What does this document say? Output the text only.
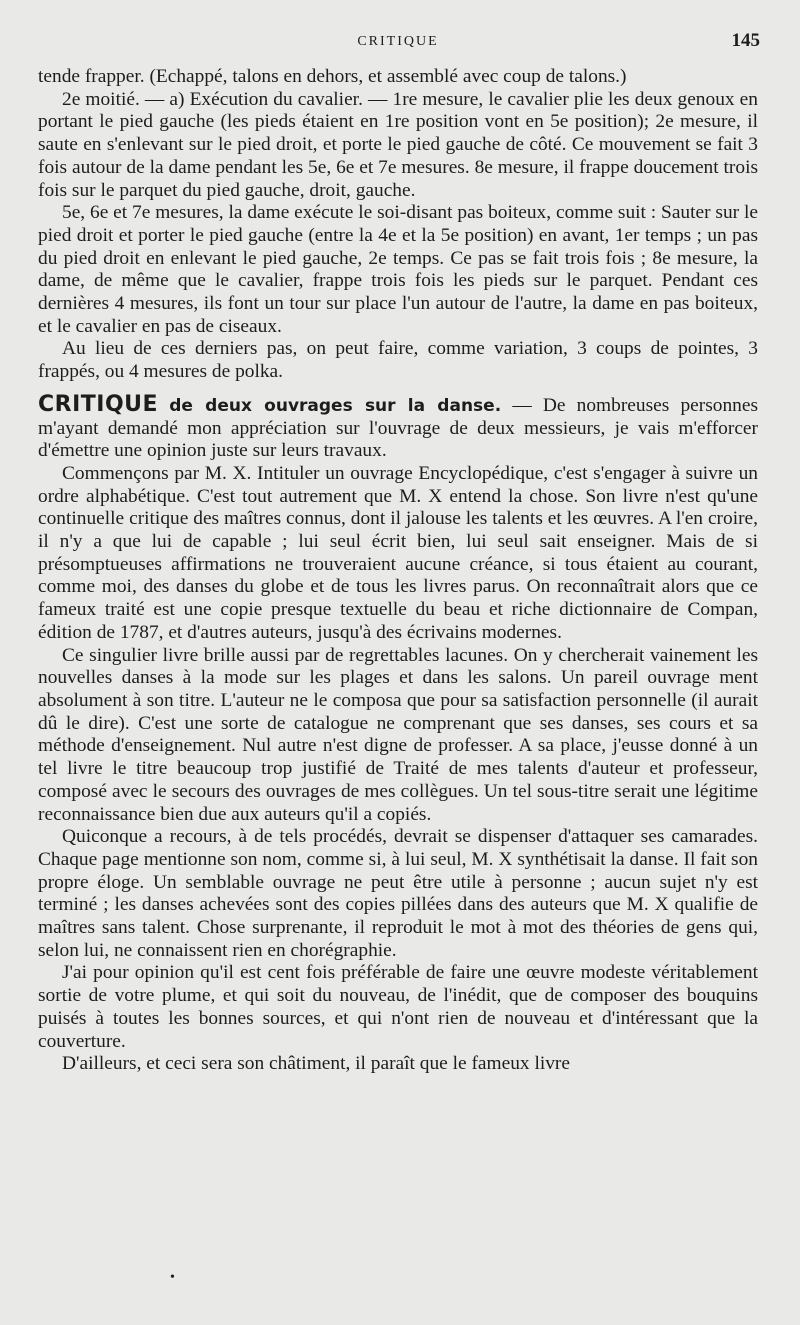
CRITIQUE	145

tende frapper. (Echappé, talons en dehors, et assemblé avec coup de talons.)

2e moitié. — a) Exécution du cavalier. — 1re mesure, le cavalier plie les deux genoux en portant le pied gauche (les pieds étaient en 1re position vont en 5e position); 2e mesure, il saute en s'enlevant sur le pied droit, et porte le pied gauche de côté. Ce mouvement se fait 3 fois autour de la dame pendant les 5e, 6e et 7e mesures. 8e mesure, il frappe doucement trois fois sur le parquet du pied gauche, droit, gauche.

5e, 6e et 7e mesures, la dame exécute le soi-disant pas boiteux, comme suit : Sauter sur le pied droit et porter le pied gauche (entre la 4e et la 5e position) en avant, 1er temps ; un pas du pied droit en enlevant le pied gauche, 2e temps. Ce pas se fait trois fois ; 8e mesure, la dame, de même que le cavalier, frappe trois fois les pieds sur le parquet. Pendant ces dernières 4 mesures, ils font un tour sur place l'un autour de l'autre, la dame en pas boiteux, et le cavalier en pas de ciseaux.

Au lieu de ces derniers pas, on peut faire, comme variation, 3 coups de pointes, 3 frappés, ou 4 mesures de polka.

CRITIQUE de deux ouvrages sur la danse. — De nombreuses personnes m'ayant demandé mon appréciation sur l'ouvrage de deux messieurs, je vais m'efforcer d'émettre une opinion juste sur leurs travaux.

Commençons par M. X. Intituler un ouvrage Encyclopédique, c'est s'engager à suivre un ordre alphabétique. C'est tout autrement que M. X entend la chose. Son livre n'est qu'une continuelle critique des maîtres connus, dont il jalouse les talents et les œuvres. A l'en croire, il n'y a que lui de capable ; lui seul écrit bien, lui seul sait enseigner. Mais de si présomptueuses affirmations ne trouveraient aucune créance, si tous étaient au courant, comme moi, des danses du globe et de tous les livres parus. On reconnaîtrait alors que ce fameux traité est une copie presque textuelle du beau et riche dictionnaire de Compan, édition de 1787, et d'autres auteurs, jusqu'à des écrivains modernes.

Ce singulier livre brille aussi par de regrettables lacunes. On y chercherait vainement les nouvelles danses à la mode sur les plages et dans les salons. Un pareil ouvrage ment absolument à son titre. L'auteur ne le composa que pour sa satisfaction personnelle (il aurait dû le dire). C'est une sorte de catalogue ne comprenant que ses danses, ses cours et sa méthode d'enseignement. Nul autre n'est digne de professer. A sa place, j'eusse donné à un tel livre le titre beaucoup trop justifié de Traité de mes talents d'auteur et professeur, composé avec le secours des ouvrages de mes collègues. Un tel sous-titre serait une légitime reconnaissance bien due aux auteurs qu'il a copiés.

Quiconque a recours, à de tels procédés, devrait se dispenser d'attaquer ses camarades. Chaque page mentionne son nom, comme si, à lui seul, M. X synthétisait la danse. Il fait son propre éloge. Un semblable ouvrage ne peut être utile à personne ; aucun sujet n'y est terminé ; les danses achevées sont des copies pillées dans des auteurs que M. X qualifie de maîtres sans talent. Chose surprenante, il reproduit le mot à mot des théories de gens qui, selon lui, ne connaissent rien en chorégraphie.

J'ai pour opinion qu'il est cent fois préférable de faire une œuvre modeste véritablement sortie de votre plume, et qui soit du nouveau, de l'inédit, que de composer des bouquins puisés à toutes les bonnes sources, et qui n'ont rien de nouveau et d'intéressant que la couverture.

D'ailleurs, et ceci sera son châtiment, il paraît que le fameux livre

•
